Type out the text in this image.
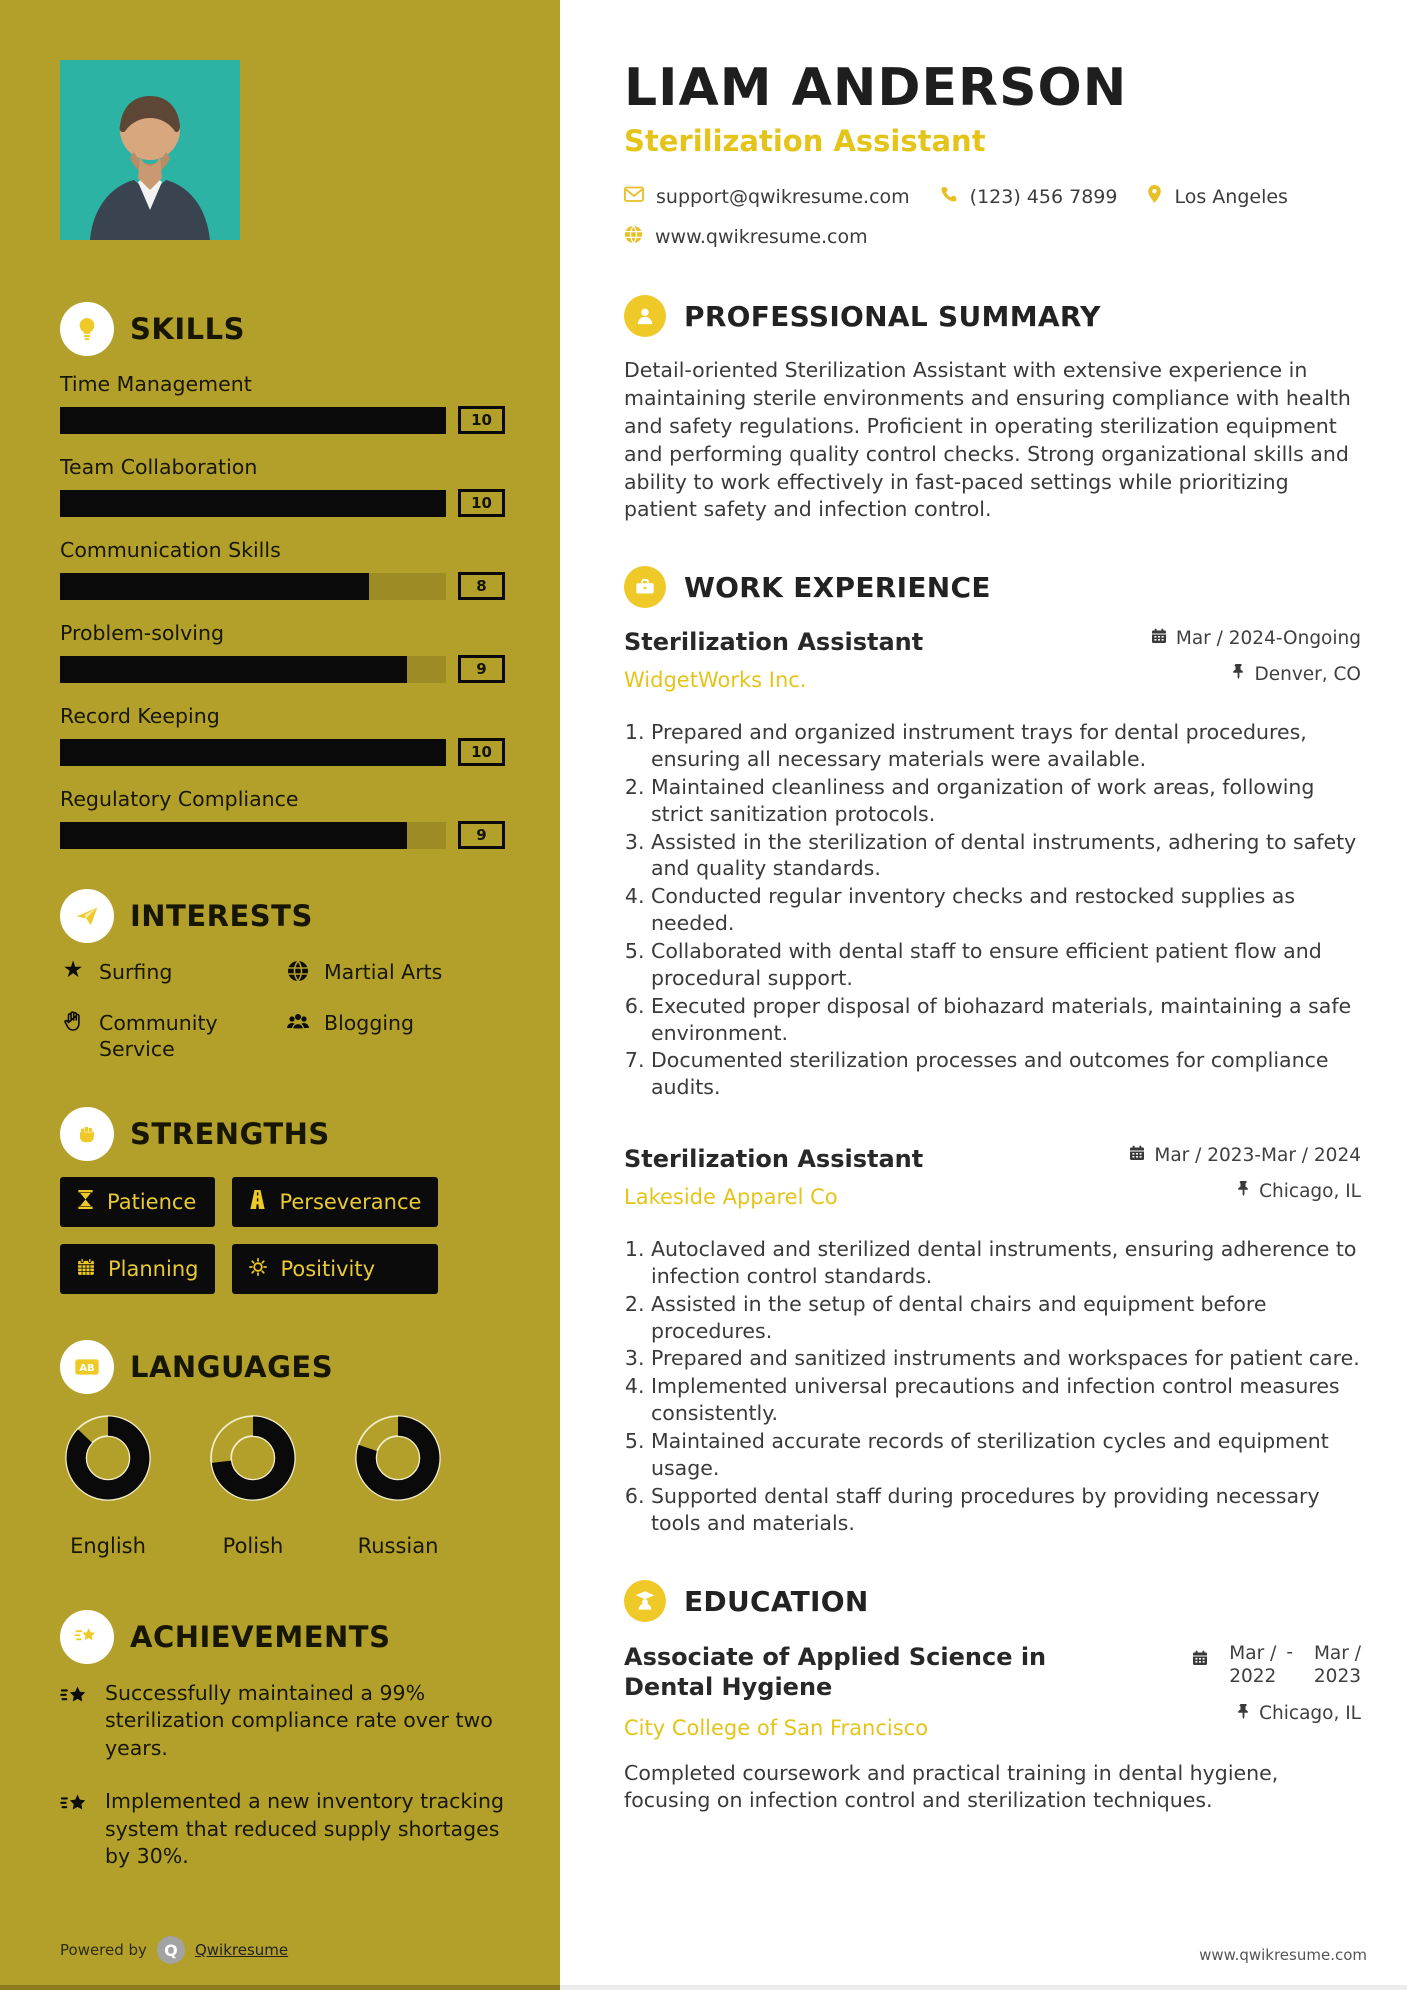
SKILLS
Time Management
10
Team Collaboration
10
Communication Skills
8
Problem-solving
9
Record Keeping
10
Regulatory Compliance
9
INTERESTS
★ Surfing	Martial Arts
Community Service
Blogging
STRENGTHS
Patience	Perseverance
Planning	Positivity
AB LANGUAGES
English	Polish	Russian
ACHIEVEMENTS
Successfully maintained a 99% sterilization compliance rate over two years.
Implemented a new inventory tracking system that reduced supply shortages by 30%.
Powered by	Q	Qwikresume
LIAM ANDERSON
Sterilization Assistant
support@qwikresume.com	(123) 456 7899	Los Angeles
www.qwikresume.com
PROFESSIONAL SUMMARY

Detail-oriented Sterilization Assistant with extensive experience in maintaining sterile environments and ensuring compliance with health and safety regulations. Proficient in operating sterilization equipment and performing quality control checks. Strong organizational skills and ability to work effectively in fast-paced settings while prioritizing patient safety and infection control.

WORK EXPERIENCE
Sterilization Assistant
WidgetWorks Inc.
Mar / 2024-Ongoing
Denver, CO
1. Prepared and organized instrument trays for dental procedures, ensuring all necessary materials were available.
2. Maintained cleanliness and organization of work areas, following strict sanitization protocols.
3. Assisted in the sterilization of dental instruments, adhering to safety and quality standards.
4. Conducted regular inventory checks and restocked supplies as needed.
5. Collaborated with dental staff to ensure efficient patient flow and procedural support.
6. Executed proper disposal of biohazard materials, maintaining a safe environment.
7. Documented sterilization processes and outcomes for compliance audits.
Sterilization Assistant
Lakeside Apparel Co
Mar / 2023-Mar / 2024
Chicago, IL
1. Autoclaved and sterilized dental instruments, ensuring adherence to infection control standards.
2. Assisted in the setup of dental chairs and equipment before procedures.
3. Prepared and sanitized instruments and workspaces for patient care.
4. Implemented universal precautions and infection control measures consistently.
5. Maintained accurate records of sterilization cycles and equipment usage.
6. Supported dental staff during procedures by providing necessary tools and materials.
EDUCATION
Associate of Applied Science in Dental Hygiene
City College of San Francisco
Mar / 2022
-	Mar / 2023
Chicago, IL

Completed coursework and practical training in dental hygiene, focusing on infection control and sterilization techniques.

www.qwikresume.com
